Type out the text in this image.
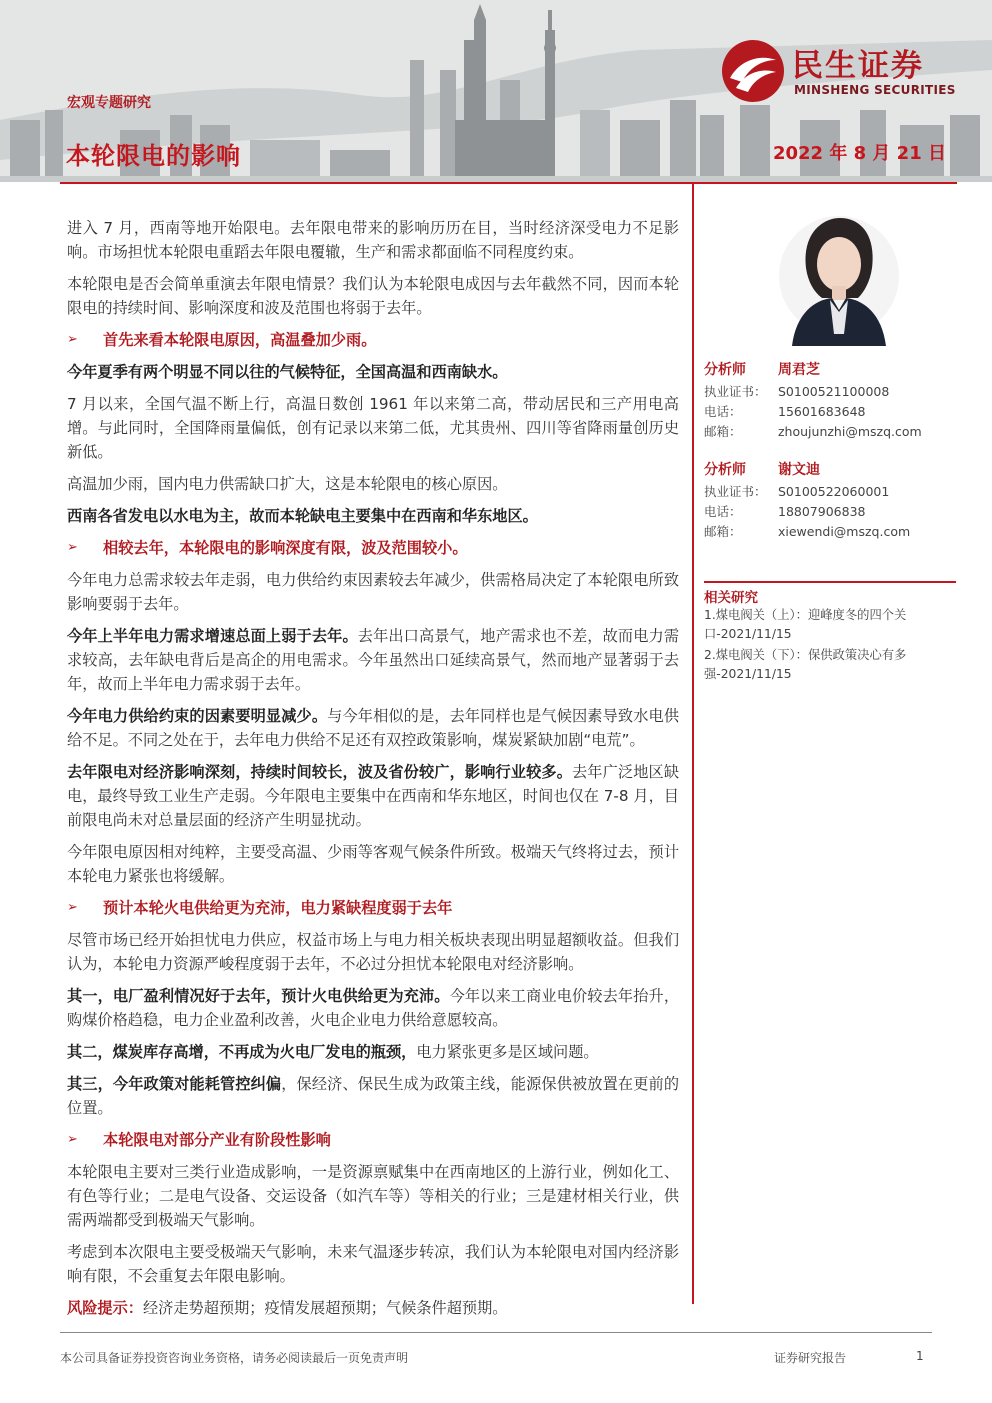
宏观专题研究
本轮限电的影响	2022 年 8 月 21 日
民生证券
MINSHENG SECURITIES

进入 7 月，西南等地开始限电。去年限电带来的影响历历在目，当时经济深受电力不足影响。市场担忧本轮限电重蹈去年限电覆辙，生产和需求都面临不同程度约束。

本轮限电是否会简单重演去年限电情景？我们认为本轮限电成因与去年截然不同，因而本轮限电的持续时间、影响深度和波及范围也将弱于去年。

➢	首先来看本轮限电原因，高温叠加少雨。

今年夏季有两个明显不同以往的气候特征，全国高温和西南缺水。

7 月以来，全国气温不断上行，高温日数创 1961 年以来第二高，带动居民和三产用电高增。与此同时，全国降雨量偏低，创有记录以来第二低，尤其贵州、四川等省降雨量创历史新低。

高温加少雨，国内电力供需缺口扩大，这是本轮限电的核心原因。

西南各省发电以水电为主，故而本轮缺电主要集中在西南和华东地区。

➢	相较去年，本轮限电的影响深度有限，波及范围较小。

今年电力总需求较去年走弱，电力供给约束因素较去年减少，供需格局决定了本轮限电所致影响要弱于去年。

今年上半年电力需求增速总面上弱于去年。去年出口高景气，地产需求也不差，故而电力需求较高，去年缺电背后是高企的用电需求。今年虽然出口延续高景气，然而地产显著弱于去年，故而上半年电力需求弱于去年。

今年电力供给约束的因素要明显减少。与今年相似的是，去年同样也是气候因素导致水电供给不足。不同之处在于，去年电力供给不足还有双控政策影响，煤炭紧缺加剧“电荒”。

去年限电对经济影响深刻，持续时间较长，波及省份较广，影响行业较多。去年广泛地区缺电，最终导致工业生产走弱。今年限电主要集中在西南和华东地区，时间也仅在 7-8 月，目前限电尚未对总量层面的经济产生明显扰动。

今年限电原因相对纯粹，主要受高温、少雨等客观气候条件所致。极端天气终将过去，预计本轮电力紧张也将缓解。

➢	预计本轮火电供给更为充沛，电力紧缺程度弱于去年

尽管市场已经开始担忧电力供应，权益市场上与电力相关板块表现出明显超额收益。但我们认为，本轮电力资源严峻程度弱于去年，不必过分担忧本轮限电对经济影响。

其一，电厂盈利情况好于去年，预计火电供给更为充沛。今年以来工商业电价较去年抬升，购煤价格趋稳，电力企业盈利改善，火电企业电力供给意愿较高。

其二，煤炭库存高增，不再成为火电厂发电的瓶颈，电力紧张更多是区域问题。

其三，今年政策对能耗管控纠偏，保经济、保民生成为政策主线，能源保供被放置在更前的位置。

➢	本轮限电对部分产业有阶段性影响

本轮限电主要对三类行业造成影响，一是资源禀赋集中在西南地区的上游行业，例如化工、有色等行业；二是电气设备、交运设备（如汽车等）等相关的行业；三是建材相关行业，供需两端都受到极端天气影响。

考虑到本次限电主要受极端天气影响，未来气温逐步转凉，我们认为本轮限电对国内经济影响有限，不会重复去年限电影响。

风险提示：经济走势超预期；疫情发展超预期；气候条件超预期。

分析师	周君芝
执业证书： S0100521100008
电话：	15601683648
邮箱：	zhoujunzhi@mszq.com
分析师	谢文迪
执业证书： S0100522060001
电话：	18807906838
邮箱：	xiewendi@mszq.com
相关研究
1.煤电阀关（上）：迎峰度冬的四个关口-2021/11/15
2.煤电阀关（下）：保供政策决心有多强-2021/11/15
本公司具备证券投资咨询业务资格，请务必阅读最后一页免责声明	证券研究报告	1
